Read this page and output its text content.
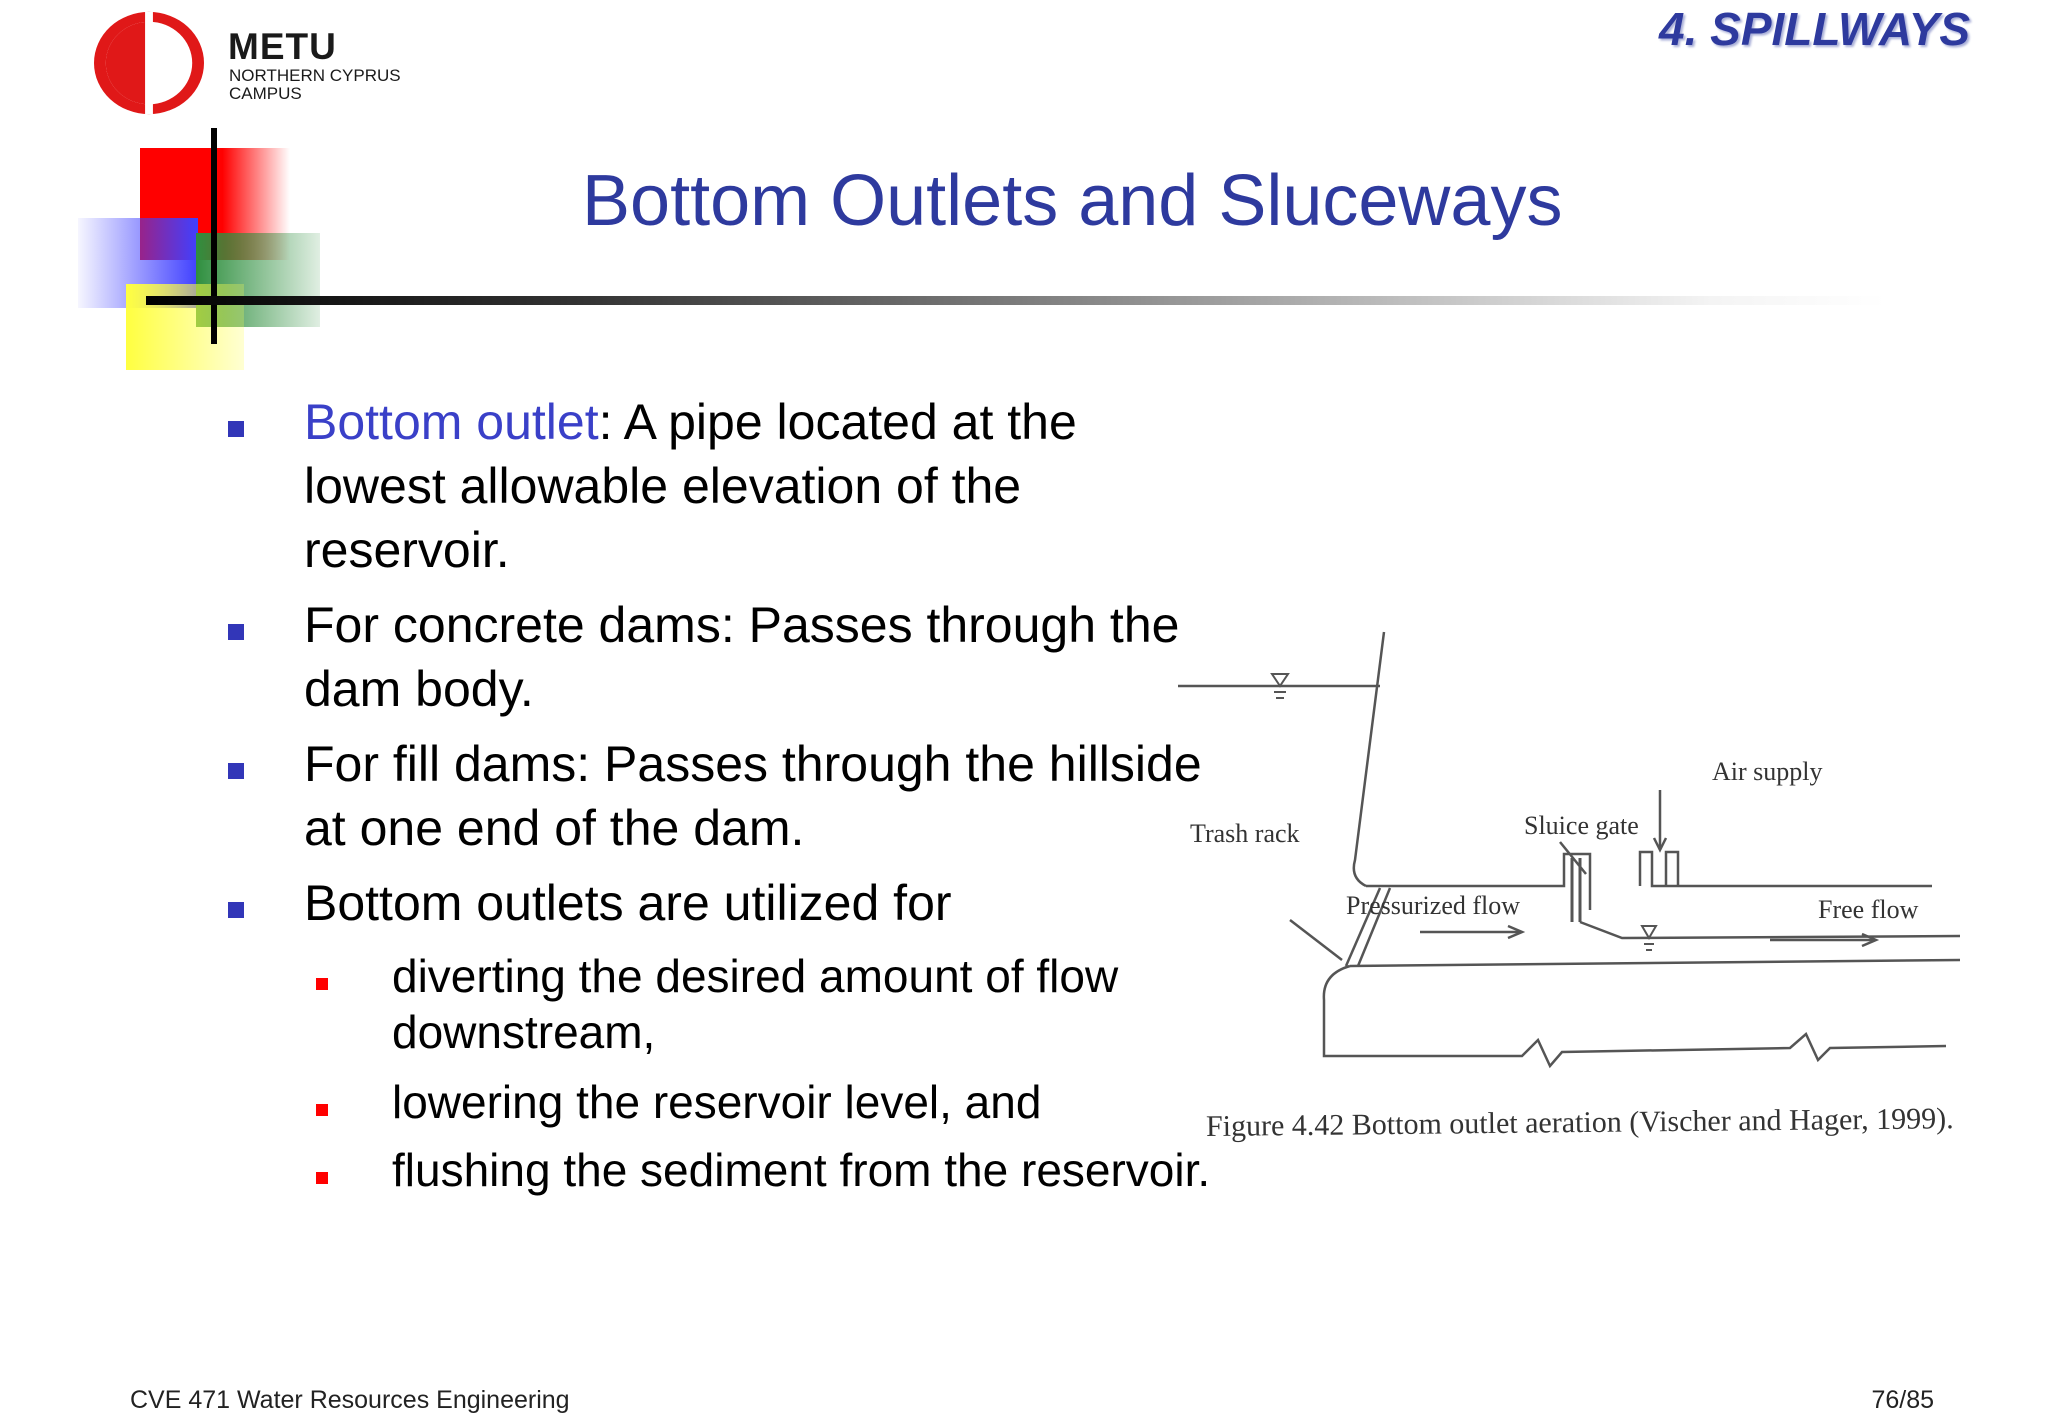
METU
NORTHERN CYPRUS
CAMPUS
4. SPILLWAYS
Bottom Outlets and Sluceways
Bottom outlet: A pipe located at the
lowest allowable elevation of the
reservoir.
For concrete dams: Passes through the
dam body.
For fill dams: Passes through the hillside
at one end of the dam.
Bottom outlets are utilized for
diverting the desired amount of flow
downstream,
lowering the reservoir level, and
flushing the sediment from the reservoir.
Air supply
Sluice gate
Trash rack
Pressurized flow	Free flow
Figure 4.42 Bottom outlet aeration (Vischer and Hager, 1999).
CVE 471 Water Resources Engineering	76/85
